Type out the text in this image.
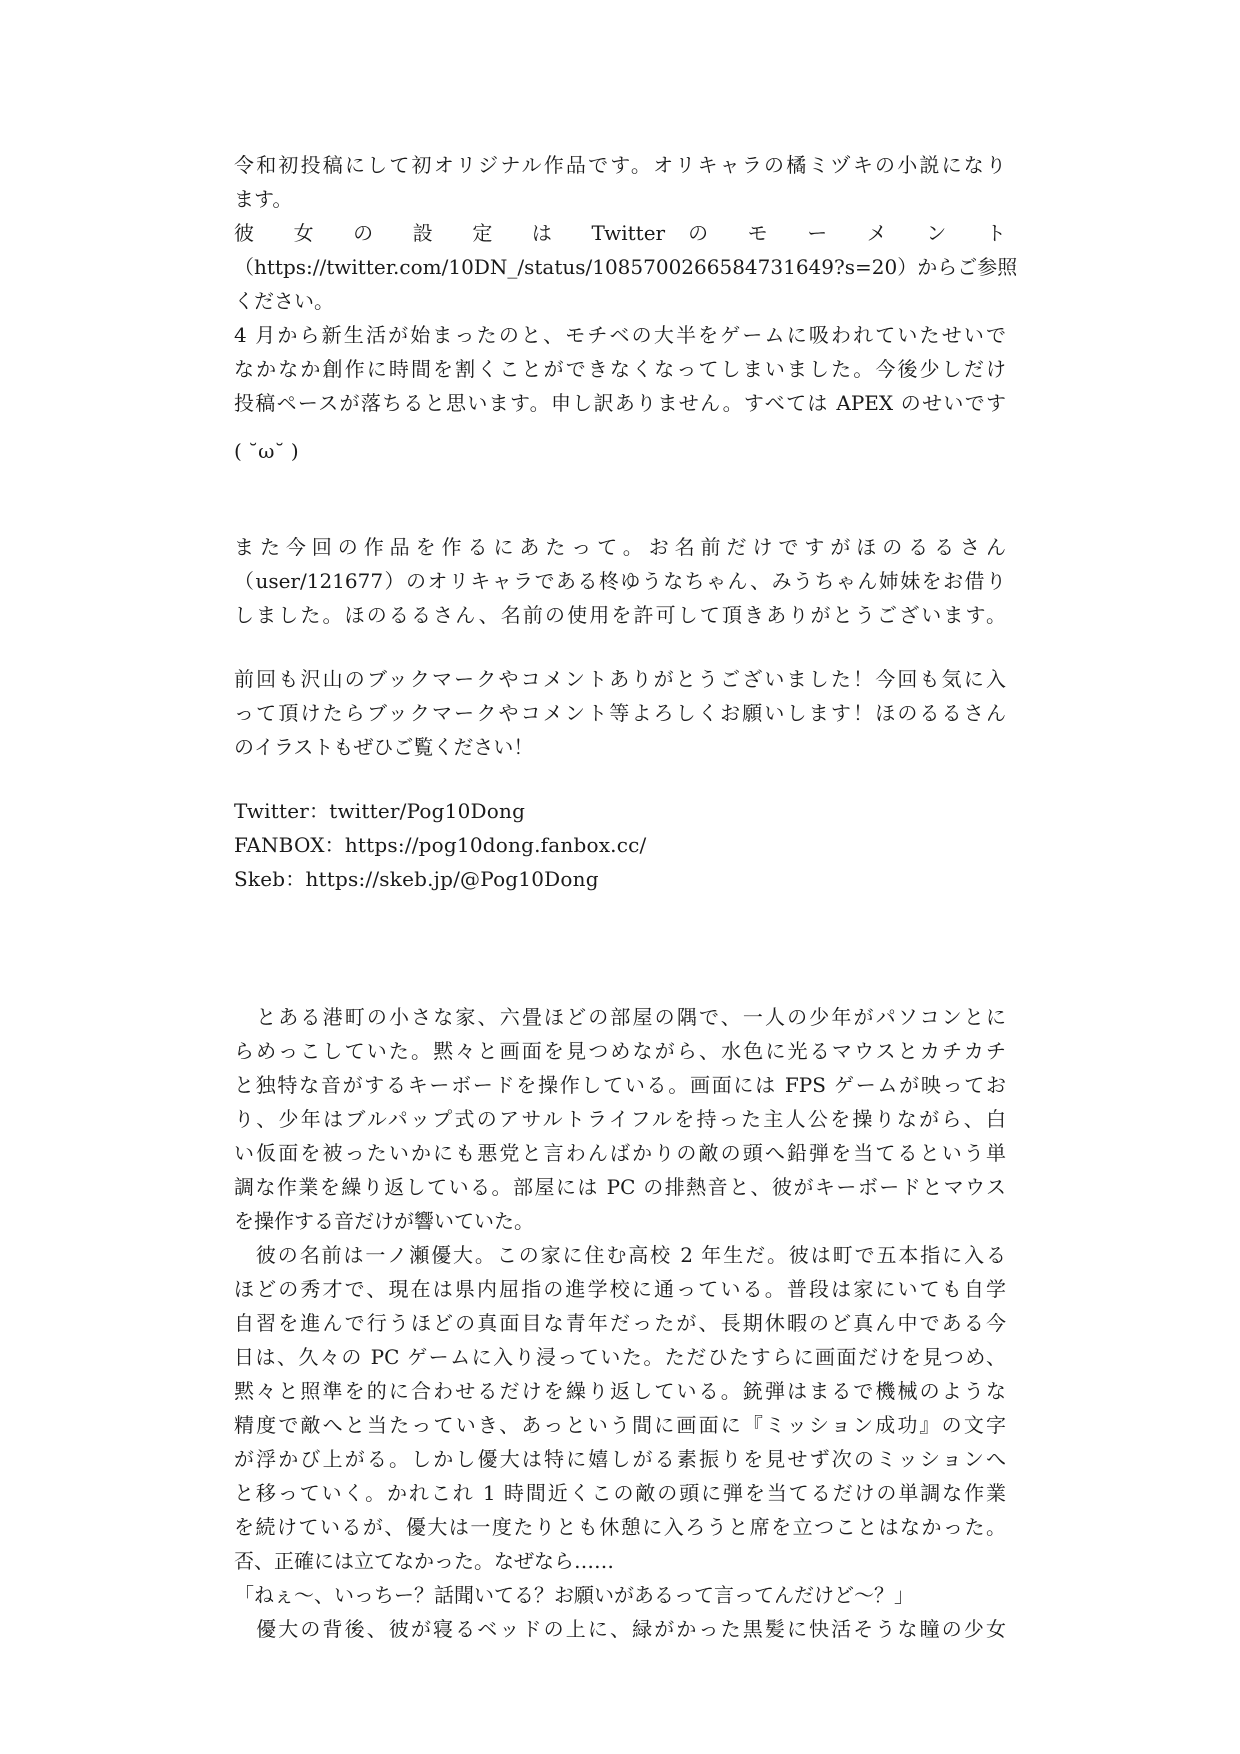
令和初投稿にして初オリジナル作品です。オリキャラの橘ミヅキの小説になり
ます。
彼 女 の 設 定 は Twitter の モ ー メ ン ト
（https://twitter.com/10DN_/status/1085700266584731649?s=20）からご参照
ください。
4 月から新生活が始まったのと、モチベの大半をゲームに吸われていたせいで
なかなか創作に時間を割くことができなくなってしまいました。今後少しだけ
投稿ペースが落ちると思います。申し訳ありません。すべては APEX のせいです
( ˘ω˘ )
また今回の作品を作るにあたって。お名前だけですがほのるるさん
（user/121677）のオリキャラである柊ゆうなちゃん、みうちゃん姉妹をお借り
しました。ほのるるさん、名前の使用を許可して頂きありがとうございます。
前回も沢山のブックマークやコメントありがとうございました！今回も気に入
って頂けたらブックマークやコメント等よろしくお願いします！ほのるるさん
のイラストもぜひご覧ください！
Twitter：twitter/Pog10Dong
FANBOX：https://pog10dong.fanbox.cc/
Skeb：https://skeb.jp/@Pog10Dong
　とある港町の小さな家、六畳ほどの部屋の隅で、一人の少年がパソコンとに
らめっこしていた。黙々と画面を見つめながら、水色に光るマウスとカチカチ
と独特な音がするキーボードを操作している。画面には FPS ゲームが映ってお
り、少年はブルパップ式のアサルトライフルを持った主人公を操りながら、白
い仮面を被ったいかにも悪党と言わんばかりの敵の頭へ鉛弾を当てるという単
調な作業を繰り返している。部屋には PC の排熱音と、彼がキーボードとマウス
を操作する音だけが響いていた。
　彼の名前は一ノ瀬優大。この家に住む高校 2 年生だ。彼は町で五本指に入る
ほどの秀才で、現在は県内屈指の進学校に通っている。普段は家にいても自学
自習を進んで行うほどの真面目な青年だったが、長期休暇のど真ん中である今
日は、久々の PC ゲームに入り浸っていた。ただひたすらに画面だけを見つめ、
黙々と照準を的に合わせるだけを繰り返している。銃弾はまるで機械のような
精度で敵へと当たっていき、あっという間に画面に『ミッション成功』の文字
が浮かび上がる。しかし優大は特に嬉しがる素振りを見せず次のミッションへ
と移っていく。かれこれ 1 時間近くこの敵の頭に弾を当てるだけの単調な作業
を続けているが、優大は一度たりとも休憩に入ろうと席を立つことはなかった。
否、正確には立てなかった。なぜなら……
「ねぇ～、いっちー？話聞いてる？お願いがあるって言ってんだけど～？」
　優大の背後、彼が寝るベッドの上に、緑がかった黒髪に快活そうな瞳の少女
